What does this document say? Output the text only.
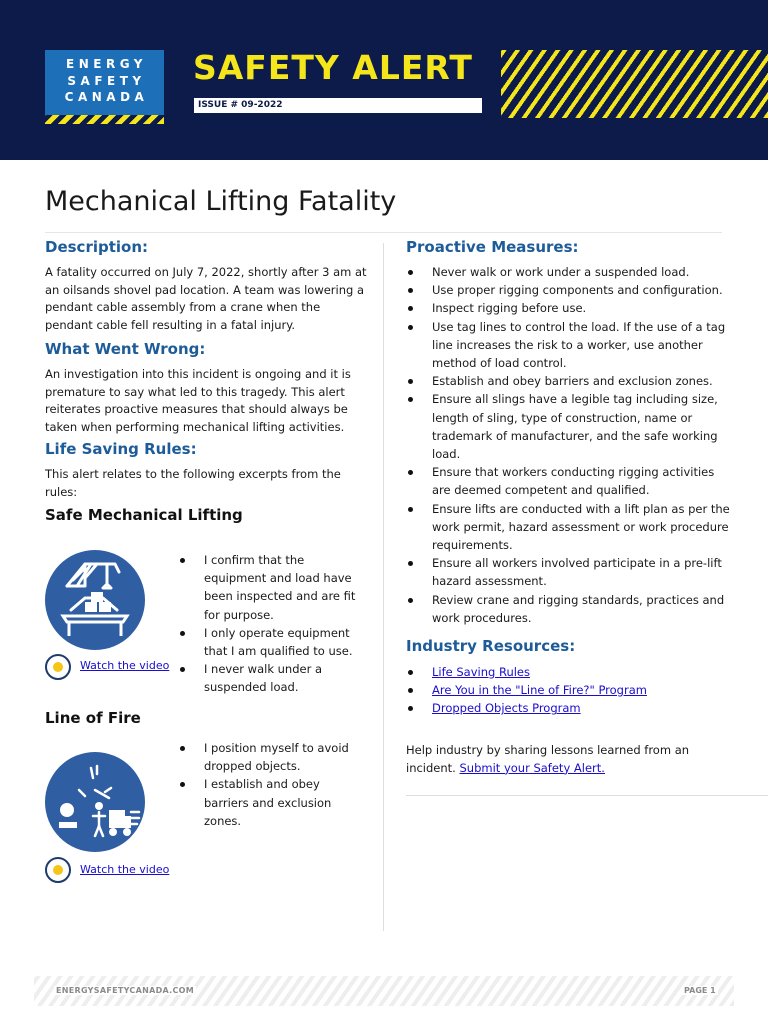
ENERGY
SAFETY
CANADA
SAFETY ALERT
ISSUE # 09-2022
Mechanical Lifting Fatality
Description:

A fatality occurred on July 7, 2022, shortly after 3 am at an oilsands shovel pad location. A team was lowering a pendant cable assembly from a crane when the pendant cable fell resulting in a fatal injury.

What Went Wrong:

An investigation into this incident is ongoing and it is premature to say what led to this tragedy. This alert reiterates proactive measures that should always be taken when performing mechanical lifting activities.

Life Saving Rules:

This alert relates to the following excerpts from the rules:

Safe Mechanical Lifting
Watch the video
I confirm that the equipment and load have been inspected and are fit for purpose.
I only operate equipment that I am qualified to use.
I never walk under a suspended load.
Line of Fire
Watch the video
I position myself to avoid dropped objects.
I establish and obey barriers and exclusion zones.
Proactive Measures:
Never walk or work under a suspended load.
Use proper rigging components and configuration.
Inspect rigging before use.
Use tag lines to control the load. If the use of a tag line increases the risk to a worker, use another method of load control.
Establish and obey barriers and exclusion zones.
Ensure all slings have a legible tag including size, length of sling, type of construction, name or trademark of manufacturer, and the safe working load.
Ensure that workers conducting rigging activities are deemed competent and qualified.
Ensure lifts are conducted with a lift plan as per the work permit, hazard assessment or work procedure requirements.
Ensure all workers involved participate in a pre-lift hazard assessment.
Review crane and rigging standards, practices and work procedures.
Industry Resources:
Life Saving Rules
Are You in the "Line of Fire?" Program
Dropped Objects Program

Help industry by sharing lessons learned from an incident. Submit your Safety Alert.

ENERGYSAFETYCANADA.COM	PAGE 1
